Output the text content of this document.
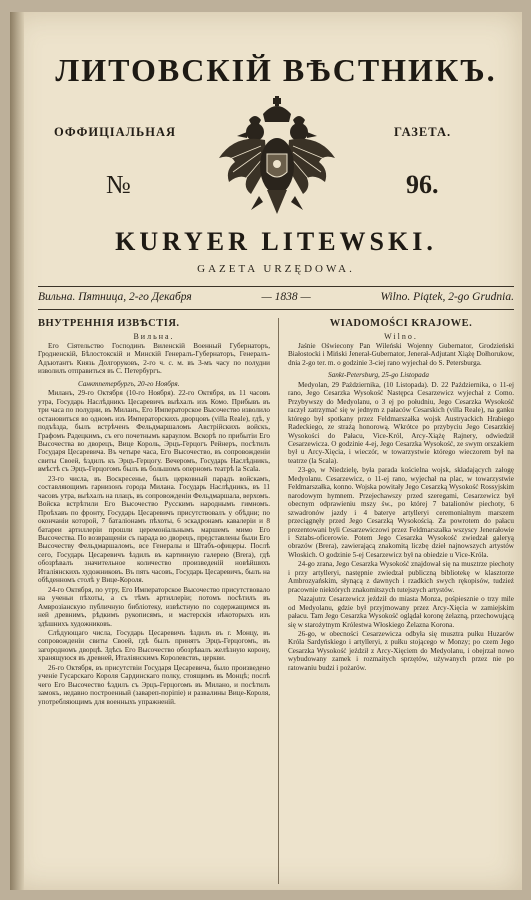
ЛИТОВСКІЙ ВѢСТНИКЪ.
ОФФИЦІАЛЬНАЯ	ГАЗЕТА.
№	96.
KURYER LITEWSKI.
GAZETA URZĘDOWA.
Вильна. Пятница, 2-го Декабря	— 1838 —	Wilno. Piątek, 2-go Grudnia.
ВНУТРЕННІЯ ИЗВѢСТІЯ.
Вильна.

Его Сіятельство Господинъ Виленскій Военный Губернаторъ, Гродненскій, Бѣлостокскій и Минскій Генералъ-Губернаторъ, Генералъ-Адъютантъ Князь Долгоруковъ, 2-го ч. с. м. въ 3-мъ часу по полудни изволилъ отправиться въ С. Петербургъ.

Санктпетербургъ, 20-го Ноября.

Миланъ, 29-го Октября (10-го Ноября). 22-го Октября, въ 11 часовъ утра, Государь Наслѣдникъ Цесаревичъ выѣхалъ изъ Комо. Прибывъ въ три часа по полудни, въ Миланъ, Его Императорское Высочество изволило остановиться во одномъ изъ Императорскихъ дворцовъ (villa Reale), гдѣ, у подъѣзда, былъ встрѣченъ Фельдмаршаломъ Австрійскихъ войскъ, Графомъ Радецкимъ, съ его почетнымъ караулом. Вскорѣ по прибытіи Его Высочества во дворецъ, Вице Король, Эрцъ-Герцогъ Рейнеръ, посѣтилъ Государя Цесаревича. Въ четыре часа, Его Высочество, въ сопровожденіи свиты Своей, ѣздилъ къ Эрцъ-Герцогу. Вечеромъ, Государь Наслѣдникъ, вмѣстѣ съ Эрцъ-Герцогомъ былъ въ большомъ оперномъ театрѣ la Scala.

23-го числа, въ Воскресенье, былъ церковный парадъ войскамъ, составляющимъ гарнизонъ города Милана. Государь Наслѣдникъ, въ 11 часовъ утра, выѣхалъ на плацъ, въ сопровожденіи Фельдмаршала, верхомъ. Войска встрѣтили Его Высочество Русскимъ народнымъ гимномъ. Проѣхавъ по фронту, Государь Цесаревичъ присутствовалъ у обѣдни; по окончаніи которой, 7 баталіонамъ пѣхоты, 6 эскадронамъ кавалеріи и 8 батареи артиллеріи прошли церемоніальнымъ маршемъ мимо Его Высочества. По возвращеніи съ парада во дворецъ, представлены были Его Высочеству Фельдмаршаломъ, все Генералы и Штабъ-офицеры. Послѣ сего, Государь Цесаревичъ ѣздилъ въ картинную галерею (Brera), гдѣ обозрѣвалъ значительное количество произведеній новѣйшихъ Италіянскихъ художниковъ. Въ пять часовъ, Государь Цесаревичъ, былъ на обѣденномъ столѣ у Вице-Короля.

24-го Октября, по утру, Его Императорское Высочество присутствовало на ученьи пѣхоты, а съ тѣмъ артиллеріи; потомъ посѣтилъ въ Амврозіанскую публичную библіотеку, извѣстную по содержащимся въ ней древнимъ, рѣдкимъ рукописямъ, и мастерскія нѣкоторыхъ изъ здѣшнихъ художниковъ.

Слѣдующаго числа, Государь Цесаревичъ ѣздилъ въ г. Монцу, въ сопровожденіи свиты Своей, гдѣ былъ принятъ Эрцъ-Герцогомъ, въ загородномъ дворцѣ. Здѣсь Его Высочество обозрѣвалъ желѣзную корону, хранящуюся въ древней, Италіянскимъ Королевствъ, церкви.

26-го Октября, въ присутствіи Государя Цесаревича, было произведено ученіе Гусарскаго Короля Сардинскаго полку, стоящимъ въ Монцѣ; послѣ чего Его Высочество ѣздилъ съ Эрцъ-Герцогомъ въ Милано, и посѣтилъ замокъ, недавно построенный (завареп-поріпіе) и развалины Вице-Короля, употребляющимъ для военныхъ упражненій.

WIADOMOŚCI KRAJOWE.
Wilno.

Jaśnie Oświecony Pan Wileński Wojenny Gubernator, Grodzieński Białostocki i Miński Jenerał-Gubernator, Jenerał-Adjutant Xiążę Dołhorukow, dnia 2-go ter. m. o godzinie 3-ciej rano wyjechał do S. Petersburga.

Sankt-Petersburg, 25-go Listopada

Medyolan, 29 Października, (10 Listopada). D. 22 Października, o 11-ej rano, Jego Cesarzka Wysokość Następca Cesarzewicz wyjechał z Como. Przybywszy do Medyolanu, o 3 ej po południu, Jego Cesarzka Wysokość raczył zatrzymać się w jednym z pałaców Cesarskich (villa Reale), na ganku którego był spotkany przez Feldmarszałka wojsk Austryackich Hrabiego Radeckiego, ze strażą honorową. Wkrótce po przybyciu Jego Cesarzkiej Wysokości do Pałacu, Vice-Król, Arcy-Xiążę Rajnery, odwiedził Cesarzewicza. O godzinie 4-ej, Jego Cesarzka Wysokość, ze swym orszakiem był u Arcy-Xięcia, i wieczór, w towarzystwie którego wieczorem był na teatrze (la Scala).

23-go, w Niedzielę, była parada kościelna wojsk, składających załogę Medyolanu. Cesarzewicz, o 11-ej rano, wyjechał na plac, w towarzystwie Feldmarszałka, konno. Wojska powitały Jego Cesarzką Wysokość Rossyjskim narodowym hymnem. Przejechawszy przed szeregami, Cesarzewicz był obecnym odprawieniu mszy św., po której 7 batalionów piechoty, 6 szwadronów jazdy i 4 baterye artylleryi ceremonialnym marszem przeciągnęły przed Jego Cesarzką Wysokością. Za powrotem do pałacu prezentowani byli Cesarzewiczowi przez Feldmarszałka wszyscy Jenerałowie i Sztabs-oficerowie. Potem Jego Cesarzka Wysokość zwiedzał galeryą obrazów (Brera), zawierającą znakomitą liczbę dzieł najnowszych artystów Włoskich. O godzinie 5-ej Cesarzewicz był na obiedzie u Vice-Króla.

24-go zrana, Jego Cesarzka Wysokość znajdował się na musztrze piechoty i przy artylleryi, następnie zwiedzał publiczną bibliotekę w klasztorze Ambrozyańskim, słynącą z dawnych i rzadkich swych rękopisów, tudzież pracownie niektórych znakomitszych tutejszych artystów.

Nazajutrz Cesarzewicz jeździł do miasta Monza, pośpiesznie o trzy mile od Medyolanu, gdzie był przyjmowany przez Arcy-Xięcia w zamiejskim pałacu. Tam Jego Cesarzka Wysokość oglądał koronę żelazną, przechowującą się w starożytnym Królestwa Włoskiego Żelazna Korona.

26-go, w obecności Cesarzewicza odbyła się musztra pułku Huzarów Króla Sardyńskiego i artylleryi, z pułku stojącego w Monzy; po czem Jego Cesarzka Wysokość jeździł z Arcy-Xięciem do Medyolanu, i obejrzał nowo wybudowany zamek i rozmaitych sprzętów, używanych przez nie po ratowaniu budzi i pożarów.
